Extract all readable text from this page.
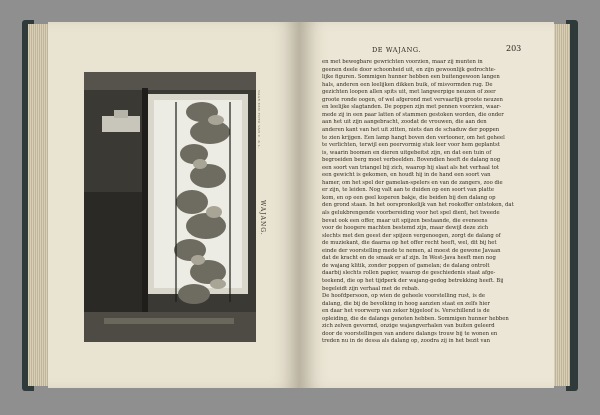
NAAR EEN FOTO VAN C. & L.
WAJANG.
DE WAJANG.	203
en met bewegbare gewrichten voorzien, maar zij munten in
geenen deele door schoonheid uit, en zijn gewoonlijk gedrochte-
lijke figuren. Sommigen hunner hebben een buitengewoon langen
hals, anderen een leelijken dikken buik, of misvormden rug. De
gezichten loopen allen spits uit, met langwerpige neuzen of zeer
groote ronde oogen, of wel afgerond met vervaarlijk groote neuzen
en leelijke slagtanden. De poppen zijn met pennen voorzien, waar-
mede zij in een paar latten of stammen gestoken worden, die onder
aan het uit zijn aangebracht, zoodat de vrouwen, die aan den
anderen kant van het uit zitten, niets dan de schaduw der poppen
te zien krijgen. Een lamp hangt boven den vertooner, om het geheel
te verlichten, terwijl een peervormig stuk leer voor hem geplantst
is, waarin boomen en dieren uitgebeitst zijn, en dat een tuin of
begroeiden berg moet verbeelden. Bovendien heeft de dalang nog
een soort van triangel bij zich, waarop hij slaat als het verhaal tot
een gewicht is gekomen, en houdt hij in de hand een soort van
hamer, om het spel der gamelan-spelers en van de zangers, zoo die
er zijn, te leiden. Nog valt aan te duiden op een soort van platte
kom, en op een geel koperen bakje, die beiden bij den dalang op
den grond staan. In het oorspronkelijk van het rookoffer ontstoken, dat
als gelukbrengende voorbereiding voor het spel dient, het tweede
bevat ook een offer, maar uit spijzen bestaande, die eveneens
voor de hoogere machten bestemd zijn, maar dewijl deze zich
slechts met den geest der spijzen vergenoegen, zorgt de dalang of
de muziekant, die daarna op het offer recht heeft, wel, dit bij het
einde der voorstelling mede te nemen, al moest de gewone Javaan
dat de kracht en de smaak er af zijn. In West-Java heeft men nog
de wajang klitik, zonder poppen of gamelan; de dalang ontrolt
daarbij slechts rollen papier, waarop de geschiedenis staat afge-
teekend, die op het tijdperk der wajang-gedog betrekking heeft. Bij
begeleidt zijn verhaal met de rebab.
De hoofdpersoon, op wien de geheele voorstelling rust, is de
dalang, die bij de bevolking in hoog aanzien staat en zelfs hier
en daar het voorwerp van zeker bijgeloof is. Verschillend is de
opleiding, die de dalangs genoten hebben. Sommigen hunner hebben
zich zelven gevormd, onzige wajangverhalen van buiten geleerd
door de voorstellingen van andere dalangs trouw bij te wonen en
treden nu in de dessa als dalang op, zoodra zij in het bezit van
